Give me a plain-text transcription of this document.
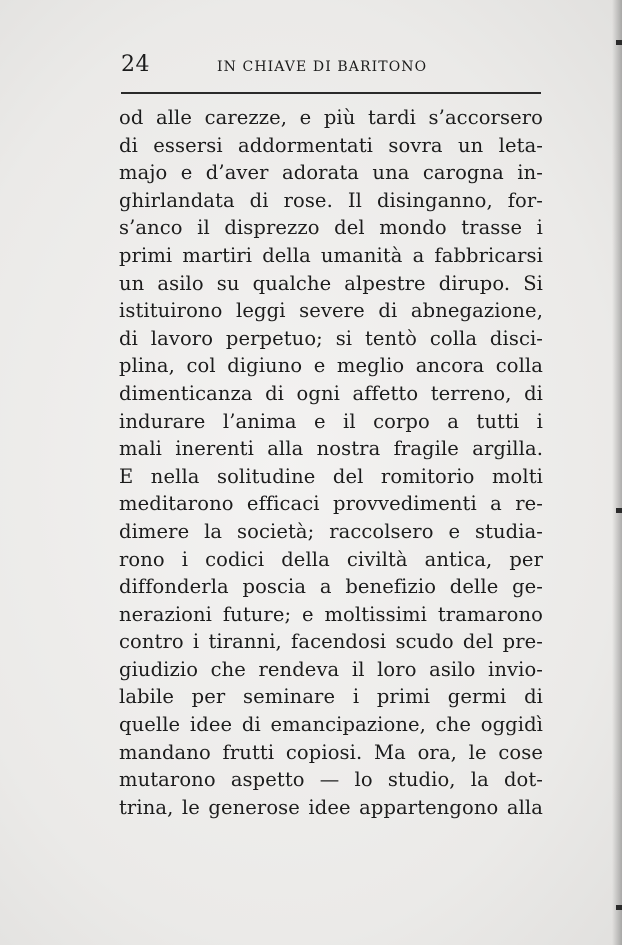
24	IN CHIAVE DI BARITONO
od alle carezze, e più tardi s’accorsero
di essersi addormentati sovra un leta-
majo e d’aver adorata una carogna in-
ghirlandata di rose. Il disinganno, for-
s’anco il disprezzo del mondo trasse i
primi martiri della umanità a fabbricarsi
un asilo su qualche alpestre dirupo. Si
istituirono leggi severe di abnegazione,
di lavoro perpetuo; si tentò colla disci-
plina, col digiuno e meglio ancora colla
dimenticanza di ogni affetto terreno, di
indurare l’anima e il corpo a tutti i
mali inerenti alla nostra fragile argilla.
E nella solitudine del romitorio molti
meditarono efficaci provvedimenti a re-
dimere la società; raccolsero e studia-
rono i codici della civiltà antica, per
diffonderla poscia a benefizio delle ge-
nerazioni future; e moltissimi tramarono
contro i tiranni, facendosi scudo del pre-
giudizio che rendeva il loro asilo invio-
labile per seminare i primi germi di
quelle idee di emancipazione, che oggidì
mandano frutti copiosi. Ma ora, le cose
mutarono aspetto — lo studio, la dot-
trina, le generose idee appartengono alla
